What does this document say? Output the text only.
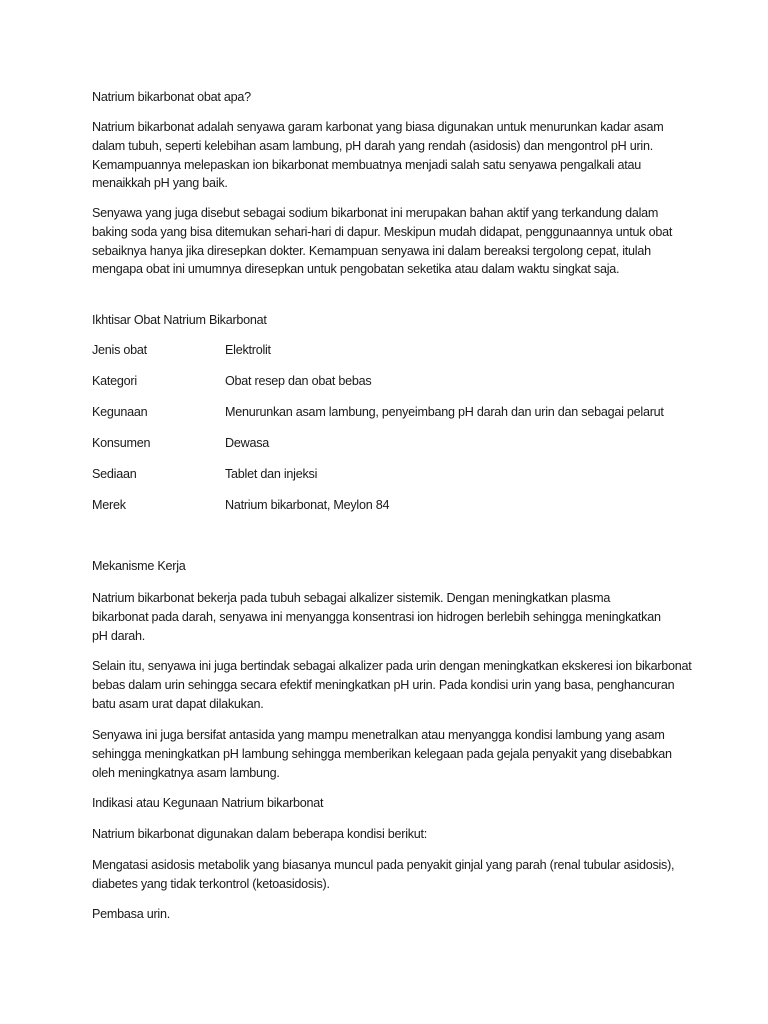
Natrium bikarbonat obat apa?

Natrium bikarbonat adalah senyawa garam karbonat yang biasa digunakan untuk menurunkan kadar asam dalam tubuh, seperti kelebihan asam lambung, pH darah yang rendah (asidosis) dan mengontrol pH urin. Kemampuannya melepaskan ion bikarbonat membuatnya menjadi salah satu senyawa pengalkali atau menaikkah pH yang baik.

Senyawa yang juga disebut sebagai sodium bikarbonat ini merupakan bahan aktif yang terkandung dalam baking soda yang bisa ditemukan sehari-hari di dapur. Meskipun mudah didapat, penggunaannya untuk obat sebaiknya hanya jika diresepkan dokter. Kemampuan senyawa ini dalam bereaksi tergolong cepat, itulah mengapa obat ini umumnya diresepkan untuk pengobatan seketika atau dalam waktu singkat saja.

Ikhtisar Obat Natrium Bikarbonat

Jenis obat	Elektrolit
Kategori	Obat resep dan obat bebas
Kegunaan	Menurunkan asam lambung, penyeimbang pH darah dan urin dan sebagai pelarut
Konsumen	Dewasa
Sediaan	Tablet dan injeksi
Merek	Natrium bikarbonat, Meylon 84

Mekanisme Kerja

Natrium bikarbonat bekerja pada tubuh sebagai alkalizer sistemik. Dengan meningkatkan plasma bikarbonat pada darah, senyawa ini menyangga konsentrasi ion hidrogen berlebih sehingga meningkatkan pH darah.

Selain itu, senyawa ini juga bertindak sebagai alkalizer pada urin dengan meningkatkan ekskeresi ion bikarbonat bebas dalam urin sehingga secara efektif meningkatkan pH urin. Pada kondisi urin yang basa, penghancuran batu asam urat dapat dilakukan.

Senyawa ini juga bersifat antasida yang mampu menetralkan atau menyangga kondisi lambung yang asam sehingga meningkatkan pH lambung sehingga memberikan kelegaan pada gejala penyakit yang disebabkan oleh meningkatnya asam lambung.

Indikasi atau Kegunaan Natrium bikarbonat

Natrium bikarbonat digunakan dalam beberapa kondisi berikut:

Mengatasi asidosis metabolik yang biasanya muncul pada penyakit ginjal yang parah (renal tubular asidosis), diabetes yang tidak terkontrol (ketoasidosis).

Pembasa urin.
